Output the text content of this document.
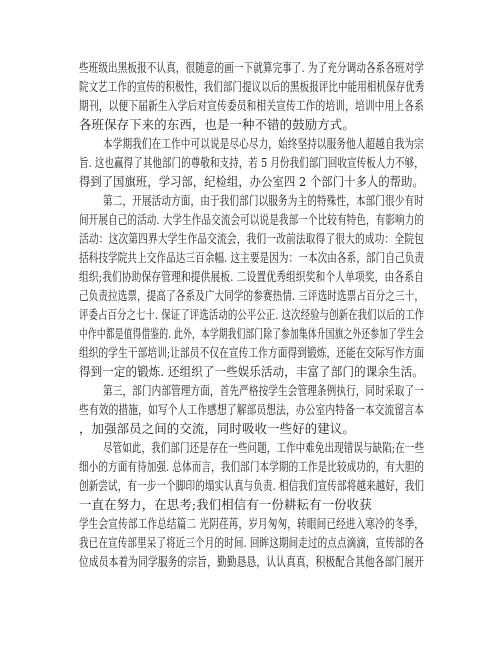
些班级出黑板报不认真，很随意的画一下就算完事了. 为了充分调动各系各班对学
院文艺工作的宣传的积极性，我们部门提议以后的黑板报评比中能用相机保存优秀
期刊，以便下届新生入学后对宣传委员和相关宣传工作的培训，培训中用上各系
各班保存下来的东西，也是一种不错的鼓励方式。
本学期我们在工作中可以说是尽心尽力，始终坚持以服务他人超越自我为宗
旨. 这也赢得了其他部门的尊敬和支持，若 5 月份我们部门回收宣传板人力不够，
得到了国旗班，学习部，纪检组，办公室四 2 个部门十多人的帮助。
第二，开展活动方面，由于我们部门以服务为主的特殊性，本部门很少有时
间开展自己的活动. 大学生作品交流会可以说是我部一个比较有特色，有影响力的
活动：这次第四界大学生作品交流会，我们一改前法取得了很大的成功：全院包
括科技学院共上交作品达三百余幅. 这主要是因为：一本次由各系，部门自己负责
组织;我们协助保存管理和提供展板. 二设置优秀组织奖和个人单项奖，由各系自
己负责拉选票，提高了各系及广大同学的参赛热情. 三评选时选票占百分之三十，
评委占百分之七十. 保证了评选活动的公平公正. 这次经验与创新在我们以后的工作
中作中都是值得借鉴的. 此外，本学期我们部门除了参加集体升国旗之外还参加了学生会
组织的学生干部培训;让部员不仅在宣传工作方面得到锻炼，还能在交际写作方面
得到一定的锻炼. 还组织了一些娱乐活动，丰富了部门的课余生活。
第三，部门内部管理方面，首先严格按学生会管理条例执行，同时采取了一
些有效的措施，如写个人工作感想了解部员想法，办公室内特备一本交流留言本
，加强部员之间的交流，同时吸收一些好的建议。
尽管如此，我们部门还是存在一些问题，工作中难免出现错误与缺陷;在一些
细小的方面有待加强. 总体而言，我们部门本学期的工作是比较成功的，有大胆的
创新尝试，有一步一个脚印的塌实认真与负责. 相信我们宣传部将越来越好，我们
一直在努力，在思考;我们相信有一份耕耘有一份收获
学生会宣传部工作总结篇二 光阴荏苒，岁月匆匆，转眼间已经进入寒冷的冬季，
我已在宣传部里呆了将近三个月的时间. 回眸这期间走过的点点滴滴，宣传部的各
位成员本着为同学服务的宗旨，勤勤恳恳，认认真真，积极配合其他各部门展开
